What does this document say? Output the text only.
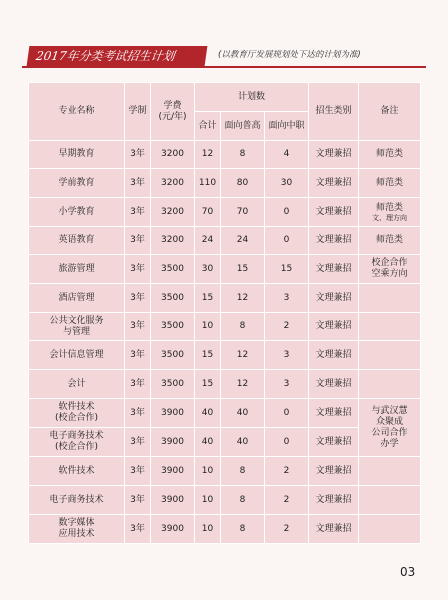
2017年分类考试招生计划	(以教育厅发展规划处下达的计划为准)
专业名称	学制	学费
(元/年)	计划数			招生类别	备注
			合计	面向普高	面向中职		
早期教育	3年	3200	12	8	4	文理兼招	师范类
学前教育	3年	3200	110	80	30	文理兼招	师范类
小学教育	3年	3200	70	70	0	文理兼招	师范类
文、理方向

英语教育	3年	3200	24	24	0	文理兼招	师范类
旅游管理	3年	3500	30	15	15	文理兼招	校企合作
空乘方向
酒店管理	3年	3500	15	12	3	文理兼招	
公共文化服务
与管理	3年	3500	10	8	2	文理兼招	
会计信息管理	3年	3500	15	12	3	文理兼招	
会计	3年	3500	15	12	3	文理兼招	
软件技术
(校企合作)	3年	3900	40	40	0	文理兼招	与武汉慧
众聚成
公司合作
办学
电子商务技术
(校企合作)	3年	3900	40	40	0	文理兼招	
软件技术	3年	3900	10	8	2	文理兼招	
电子商务技术	3年	3900	10	8	2	文理兼招	
数字媒体
应用技术	3年	3900	10	8	2	文理兼招	
03
